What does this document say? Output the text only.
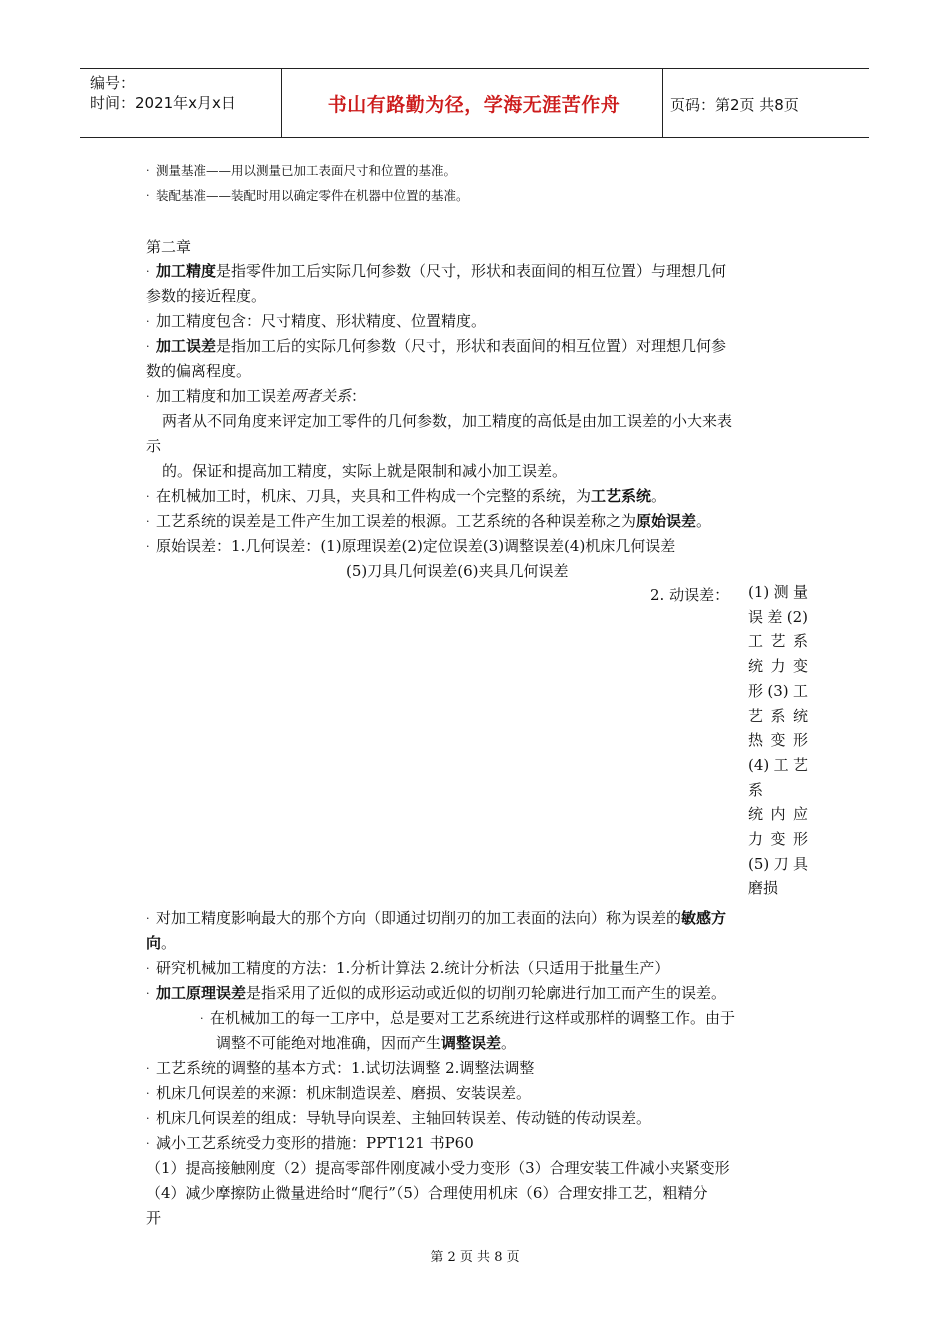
编号：
时间：2021年x月x日	书山有路勤为径，学海无涯苦作舟	页码：第2页 共8页
· 测量基准——用以测量已加工表面尺寸和位置的基准。
· 装配基准——装配时用以确定零件在机器中位置的基准。
第二章
· 加工精度是指零件加工后实际几何参数（尺寸，形状和表面间的相互位置）与理想几何
参数的接近程度。
· 加工精度包含：尺寸精度、形状精度、位置精度。
· 加工误差是指加工后的实际几何参数（尺寸，形状和表面间的相互位置）对理想几何参
数的偏离程度。
· 加工精度和加工误差两者关系：
两者从不同角度来评定加工零件的几何参数，加工精度的高低是由加工误差的小大来表
示
的。保证和提高加工精度，实际上就是限制和减小加工误差。
· 在机械加工时，机床、刀具，夹具和工件构成一个完整的系统，为工艺系统。
· 工艺系统的误差是工件产生加工误差的根源。工艺系统的各种误差称之为原始误差。
· 原始误差：1.几何误差：(1)原理误差(2)定位误差(3)调整误差(4)机床几何误差
(5)刀具几何误差(6)夹具几何误差
2. 动误差： (1)测量
误差(2)
工艺系
统力变
形(3)工
艺系统
热变形
(4)工艺
系
统内应
力变形
(5)刀具
磨损
· 对加工精度影响最大的那个方向（即通过切削刃的加工表面的法向）称为误差的敏感方
向。
· 研究机械加工精度的方法：1.分析计算法 2.统计分析法（只适用于批量生产）
· 加工原理误差是指采用了近似的成形运动或近似的切削刃轮廓进行加工而产生的误差。
· 在机械加工的每一工序中，总是要对工艺系统进行这样或那样的调整工作。由于
调整不可能绝对地准确，因而产生调整误差。
· 工艺系统的调整的基本方式：1.试切法调整 2.调整法调整
· 机床几何误差的来源：机床制造误差、磨损、安装误差。
· 机床几何误差的组成：导轨导向误差、主轴回转误差、传动链的传动误差。
· 减小工艺系统受力变形的措施：PPT121 书P60
（1）提高接触刚度（2）提高零部件刚度减小受力变形（3）合理安装工件减小夹紧变形
（4）减少摩擦防止微量进给时“爬行”（5）合理使用机床（6）合理安排工艺，粗精分
开
第 2 页 共 8 页
